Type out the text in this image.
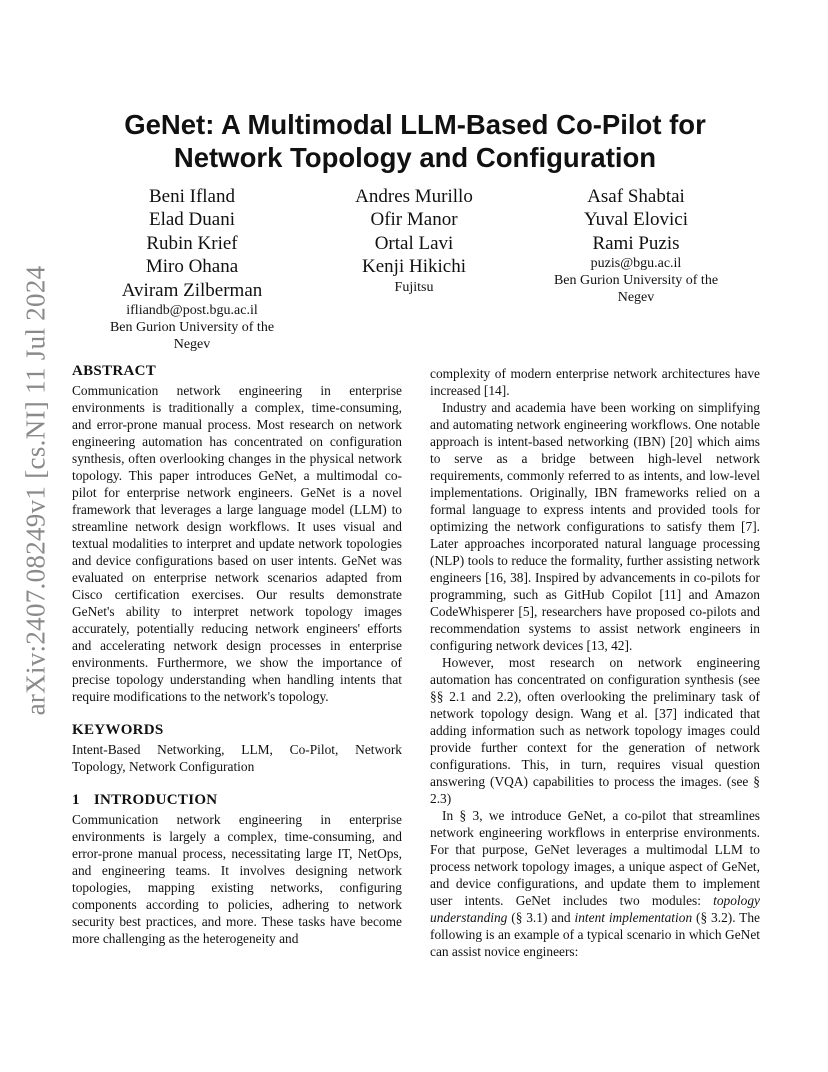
arXiv:2407.08249v1 [cs.NI] 11 Jul 2024
GeNet: A Multimodal LLM-Based Co-Pilot for
Network Topology and Configuration
Beni Ifland
Elad Duani
Rubin Krief
Miro Ohana
Aviram Zilberman
ifliandb@post.bgu.ac.il
Ben Gurion University of the
Negev
Andres Murillo
Ofir Manor
Ortal Lavi
Kenji Hikichi
Fujitsu
Asaf Shabtai
Yuval Elovici
Rami Puzis
puzis@bgu.ac.il
Ben Gurion University of the
Negev
ABSTRACT

Communication network engineering in enterprise environments is traditionally a complex, time-consuming, and error-prone manual process. Most research on network engineering automation has concentrated on configuration synthesis, often overlooking changes in the physical network topology. This paper introduces GeNet, a multimodal co-pilot for enterprise network engineers. GeNet is a novel framework that leverages a large language model (LLM) to streamline network design workflows. It uses visual and textual modalities to interpret and update network topologies and device configurations based on user intents. GeNet was evaluated on enterprise network scenarios adapted from Cisco certification exercises. Our results demonstrate GeNet's ability to interpret network topology images accurately, potentially reducing network engineers' efforts and accelerating network design processes in enterprise environments. Furthermore, we show the importance of precise topology understanding when handling intents that require modifications to the network's topology.

KEYWORDS

Intent-Based Networking, LLM, Co-Pilot, Network Topology, Network Configuration

1 INTRODUCTION

Communication network engineering in enterprise environments is largely a complex, time-consuming, and error-prone manual process, necessitating large IT, NetOps, and engineering teams. It involves designing network topologies, mapping existing networks, configuring components according to policies, adhering to network security best practices, and more. These tasks have become more challenging as the heterogeneity and

complexity of modern enterprise network architectures have increased [14].

Industry and academia have been working on simplifying and automating network engineering workflows. One notable approach is intent-based networking (IBN) [20] which aims to serve as a bridge between high-level network requirements, commonly referred to as intents, and low-level implementations. Originally, IBN frameworks relied on a formal language to express intents and provided tools for optimizing the network configurations to satisfy them [7]. Later approaches incorporated natural language processing (NLP) tools to reduce the formality, further assisting network engineers [16, 38]. Inspired by advancements in co-pilots for programming, such as GitHub Copilot [11] and Amazon CodeWhisperer [5], researchers have proposed co-pilots and recommendation systems to assist network engineers in configuring network devices [13, 42].

However, most research on network engineering automation has concentrated on configuration synthesis (see §§ 2.1 and 2.2), often overlooking the preliminary task of network topology design. Wang et al. [37] indicated that adding information such as network topology images could provide further context for the generation of network configurations. This, in turn, requires visual question answering (VQA) capabilities to process the images. (see § 2.3)

In § 3, we introduce GeNet, a co-pilot that streamlines network engineering workflows in enterprise environments. For that purpose, GeNet leverages a multimodal LLM to process network topology images, a unique aspect of GeNet, and device configurations, and update them to implement user intents. GeNet includes two modules: topology understanding (§ 3.1) and intent implementation (§ 3.2). The following is an example of a typical scenario in which GeNet can assist novice engineers:
